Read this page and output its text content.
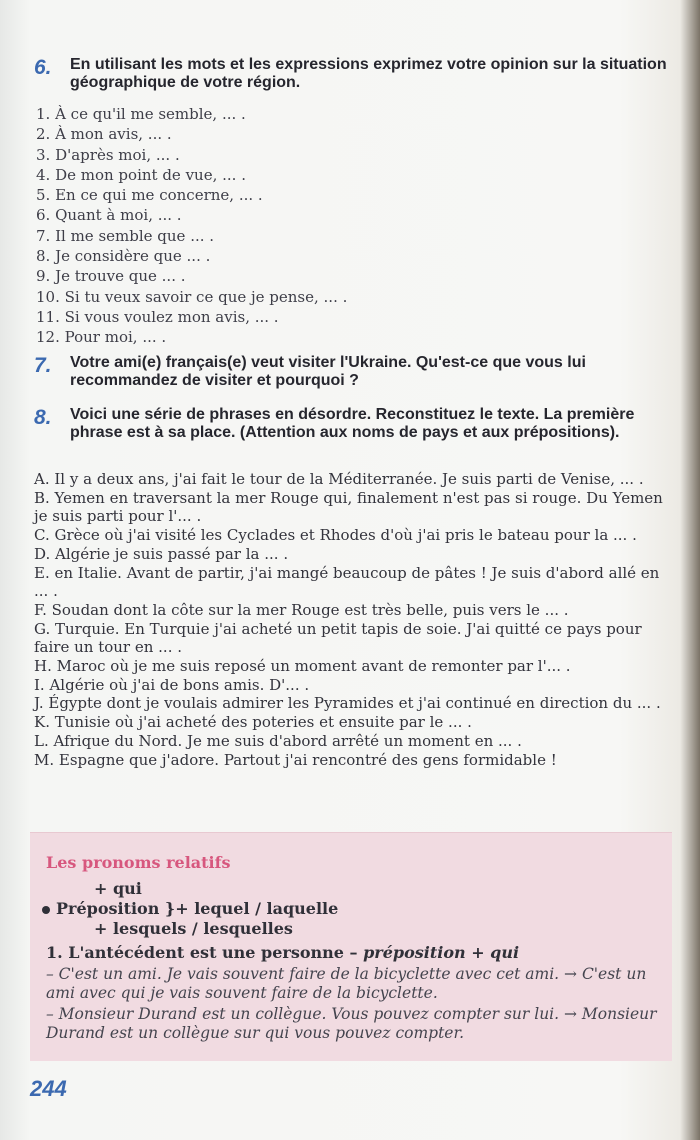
6. En utilisant les mots et les expressions exprimez votre opinion sur la situation géographique de votre région.
1. À ce qu'il me semble, ... .
2. À mon avis, ... .
3. D'après moi, ... .
4. De mon point de vue, ... .
5. En ce qui me concerne, ... .
6. Quant à moi, ... .
7. Il me semble que ... .
8. Je considère que ... .
9. Je trouve que ... .
10. Si tu veux savoir ce que je pense, ... .
11. Si vous voulez mon avis, ... .
12. Pour moi, ... .
7. Votre ami(e) français(e) veut visiter l'Ukraine. Qu'est-ce que vous lui recommandez de visiter et pourquoi ?
8. Voici une série de phrases en désordre. Reconstituez le texte. La première phrase est à sa place. (Attention aux noms de pays et aux prépositions).
A. Il y a deux ans, j'ai fait le tour de la Méditerranée. Je suis parti de Venise, ... .
B. Yemen en traversant la mer Rouge qui, finalement n'est pas si rouge. Du Yemen je suis parti pour l'... .
C. Grèce où j'ai visité les Cyclades et Rhodes d'où j'ai pris le bateau pour la ... .
D. Algérie je suis passé par la ... .
E. en Italie. Avant de partir, j'ai mangé beaucoup de pâtes ! Je suis d'abord allé en ... .
F. Soudan dont la côte sur la mer Rouge est très belle, puis vers le ... .
G. Turquie. En Turquie j'ai acheté un petit tapis de soie. J'ai quitté ce pays pour faire un tour en ... .
H. Maroc où je me suis reposé un moment avant de remonter par l'... .
I. Algérie où j'ai de bons amis. D'... .
J. Égypte dont je voulais admirer les Pyramides et j'ai continué en direction du ... .
K. Tunisie où j'ai acheté des poteries et ensuite par le ... .
L. Afrique du Nord. Je me suis d'abord arrêté un moment en ... .
M. Espagne que j'adore. Partout j'ai rencontré des gens formidable !
Les pronoms relatifs
+ qui
Préposition }+ lequel / laquelle
+ lesquels / lesquelles
1. L'antécédent est une personne – préposition + qui
– C'est un ami. Je vais souvent faire de la bicyclette avec cet ami. → C'est un ami avec qui je vais souvent faire de la bicyclette.
– Monsieur Durand est un collègue. Vous pouvez compter sur lui. → Monsieur Durand est un collègue sur qui vous pouvez compter.
244
